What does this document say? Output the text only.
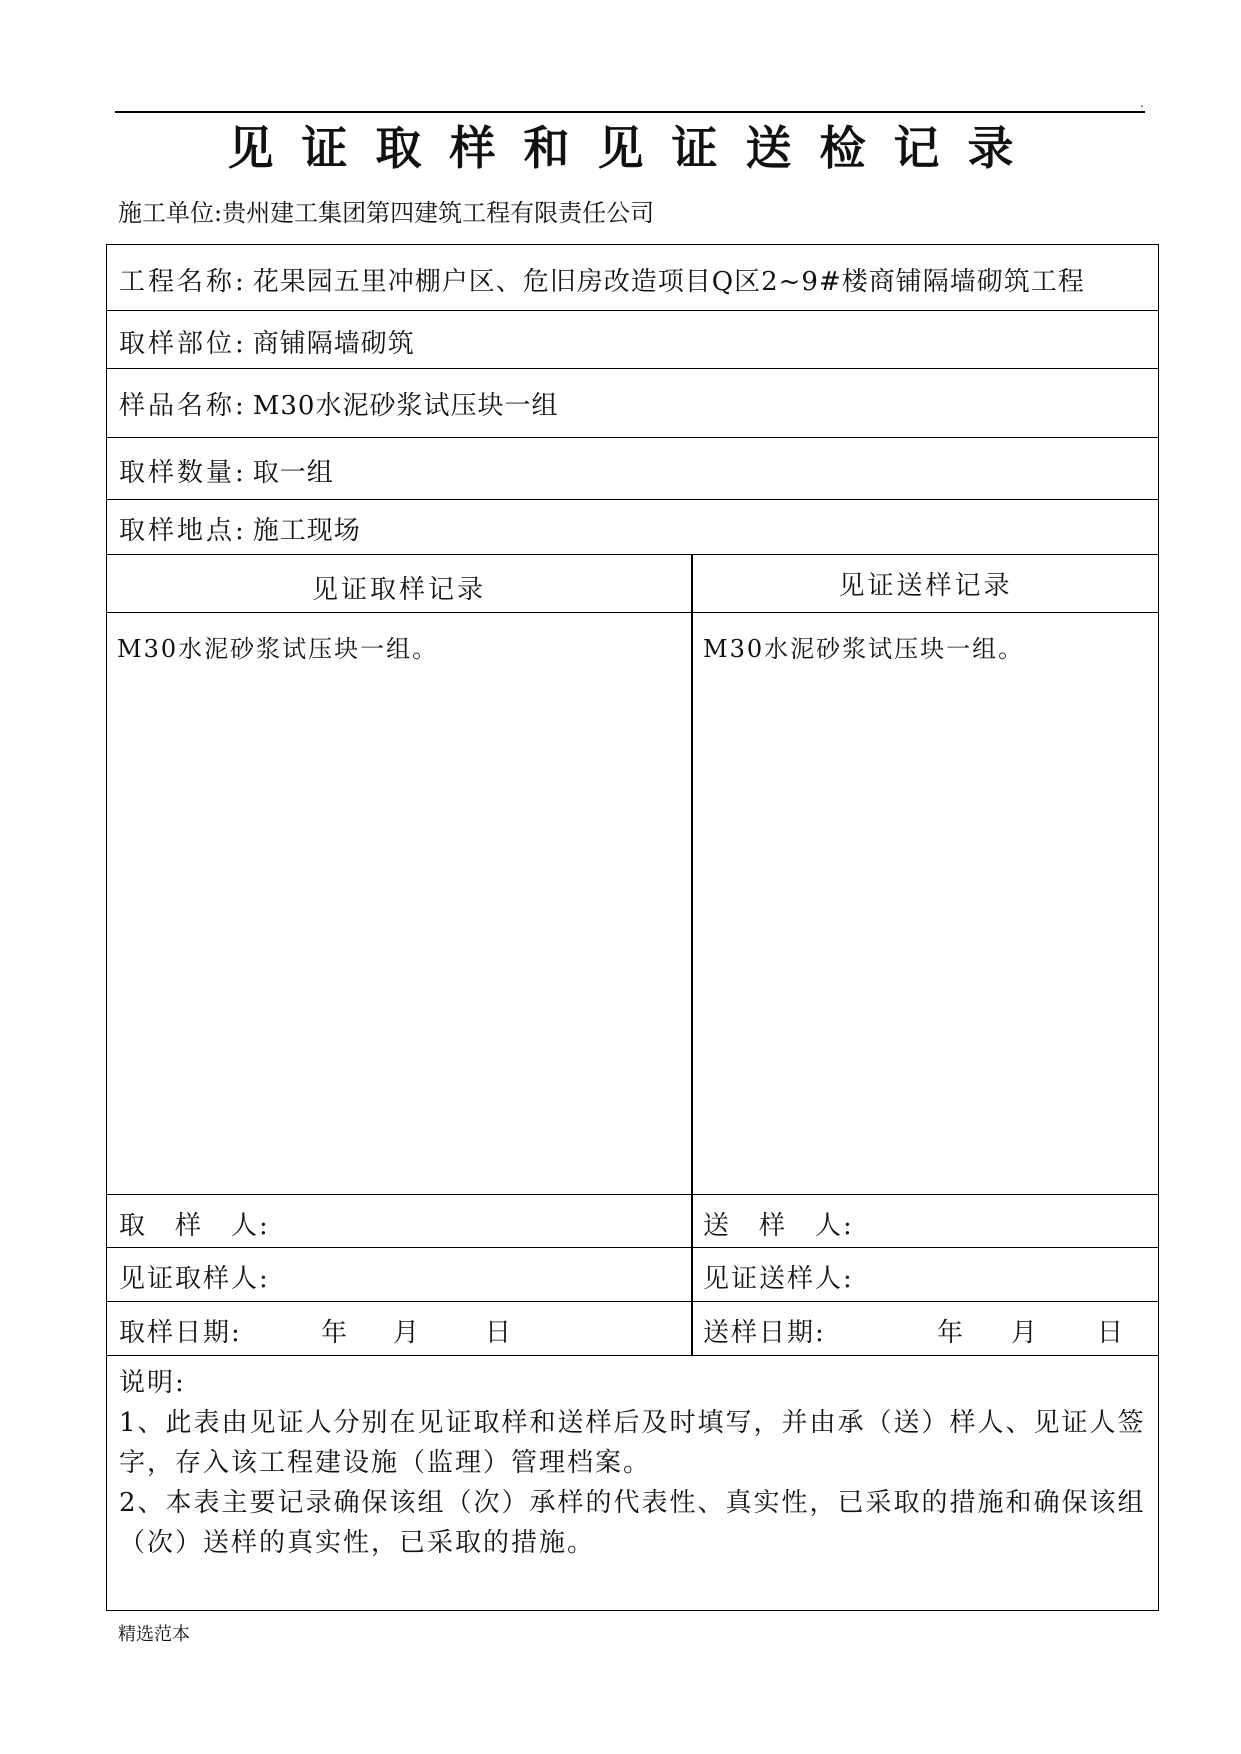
.
见证取样和见证送检记录
施工单位:贵州建工集团第四建筑工程有限责任公司
工程名称: 花果园五里冲棚户区、危旧房改造项目Q区2~9#楼商铺隔墙砌筑工程
取样部位: 商铺隔墙砌筑
样品名称: M30水泥砂浆试压块一组
取样数量: 取一组
取样地点: 施工现场
见证取样记录	见证送样记录
M30水泥砂浆试压块一组。	M30水泥砂浆试压块一组。
取　样　人:	送　样　人:
见证取样人:	见证送样人:
取样日期:	年 月 日	送样日期:	年 月 日
说明:
1、此表由见证人分别在见证取样和送样后及时填写，并由承（送）样人、见证人签字，存入该工程建设施（监理）管理档案。
2、本表主要记录确保该组（次）承样的代表性、真实性，已采取的措施和确保该组（次）送样的真实性，已采取的措施。
精选范本
